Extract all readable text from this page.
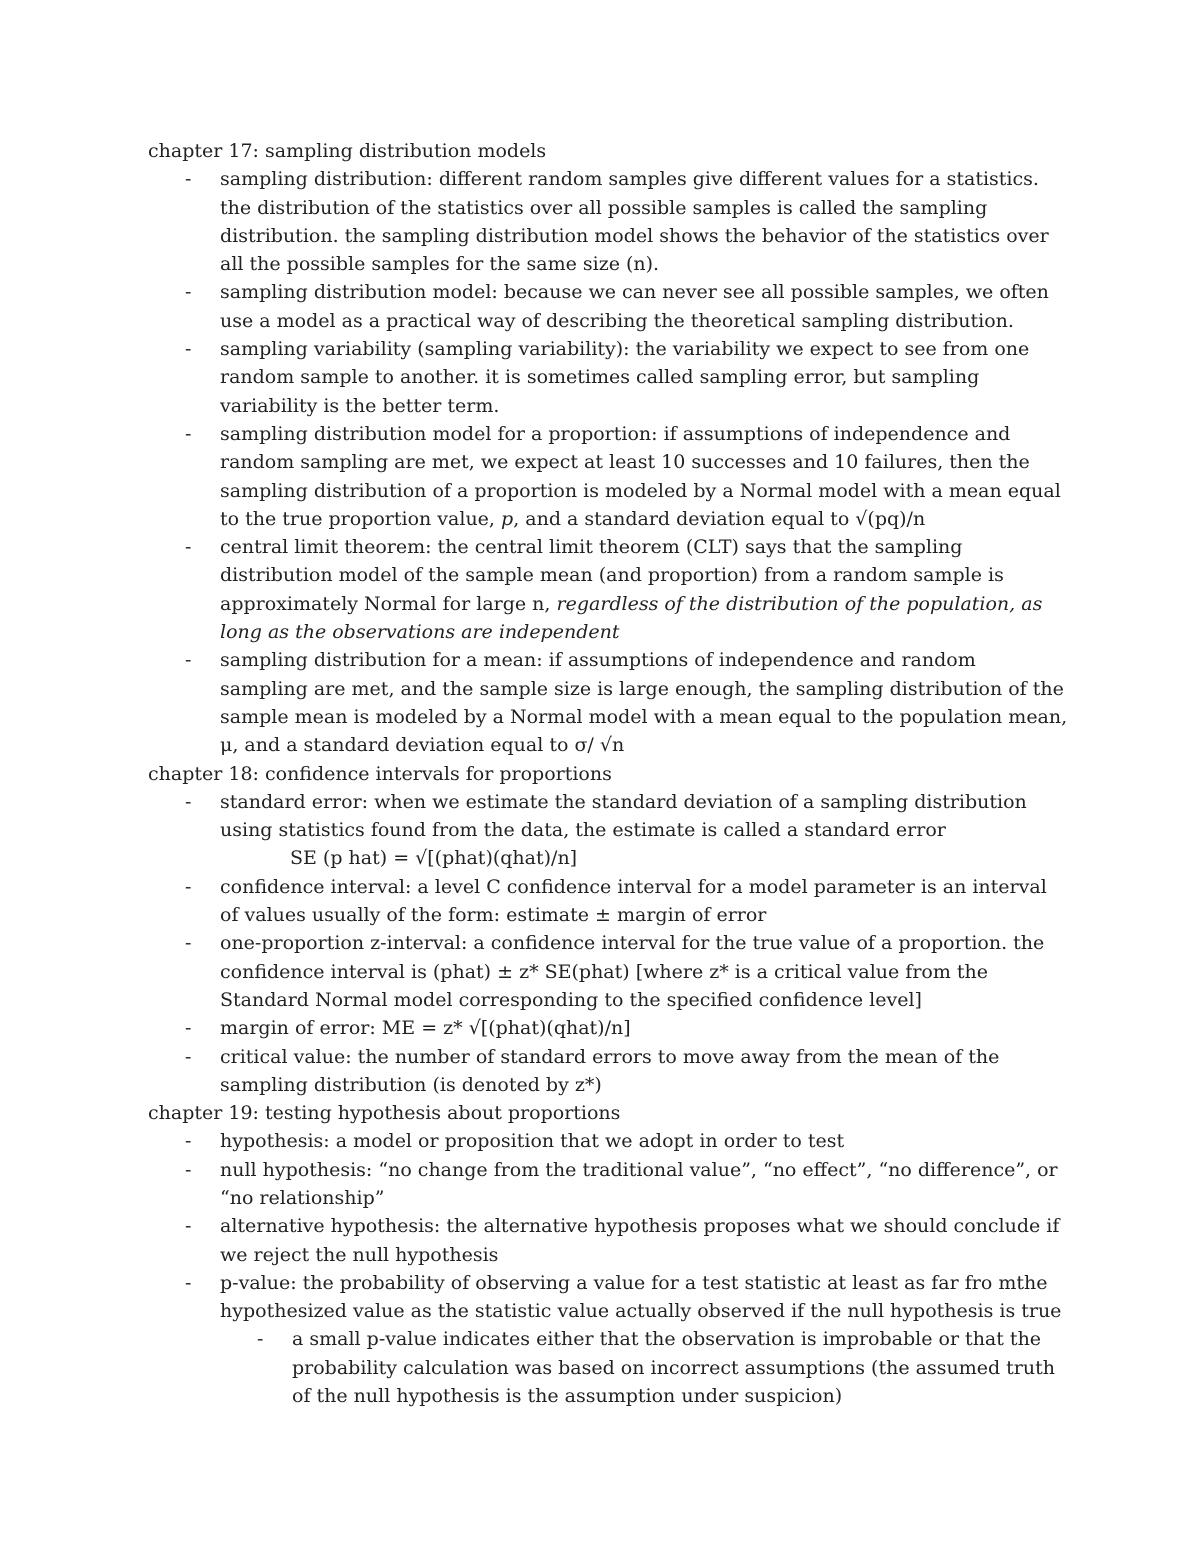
chapter 17: sampling distribution models
- sampling distribution: different random samples give different values for a statistics. the distribution of the statistics over all possible samples is called the sampling distribution. the sampling distribution model shows the behavior of the statistics over all the possible samples for the same size (n).
- sampling distribution model: because we can never see all possible samples, we often use a model as a practical way of describing the theoretical sampling distribution.
- sampling variability (sampling variability): the variability we expect to see from one random sample to another. it is sometimes called sampling error, but sampling variability is the better term.
- sampling distribution model for a proportion: if assumptions of independence and random sampling are met, we expect at least 10 successes and 10 failures, then the sampling distribution of a proportion is modeled by a Normal model with a mean equal to the true proportion value, p, and a standard deviation equal to √(pq)/n
- central limit theorem: the central limit theorem (CLT) says that the sampling distribution model of the sample mean (and proportion) from a random sample is approximately Normal for large n, regardless of the distribution of the population, as long as the observations are independent
- sampling distribution for a mean: if assumptions of independence and random sampling are met, and the sample size is large enough, the sampling distribution of the sample mean is modeled by a Normal model with a mean equal to the population mean, μ, and a standard deviation equal to σ/ √n
chapter 18: confidence intervals for proportions
- standard error: when we estimate the standard deviation of a sampling distribution using statistics found from the data, the estimate is called a standard error
SE (p hat) = √[(phat)(qhat)/n]
- confidence interval: a level C confidence interval for a model parameter is an interval of values usually of the form: estimate ± margin of error
- one-proportion z-interval: a confidence interval for the true value of a proportion. the confidence interval is (phat) ± z* SE(phat) [where z* is a critical value from the Standard Normal model corresponding to the specified confidence level]
- margin of error: ME = z* √[(phat)(qhat)/n]
- critical value: the number of standard errors to move away from the mean of the sampling distribution (is denoted by z*)
chapter 19: testing hypothesis about proportions
- hypothesis: a model or proposition that we adopt in order to test
- null hypothesis: “no change from the traditional value”, “no effect”, “no difference”, or “no relationship”
- alternative hypothesis: the alternative hypothesis proposes what we should conclude if we reject the null hypothesis
- p-value: the probability of observing a value for a test statistic at least as far fro mthe hypothesized value as the statistic value actually observed if the null hypothesis is true
- a small p-value indicates either that the observation is improbable or that the probability calculation was based on incorrect assumptions (the assumed truth of the null hypothesis is the assumption under suspicion)
